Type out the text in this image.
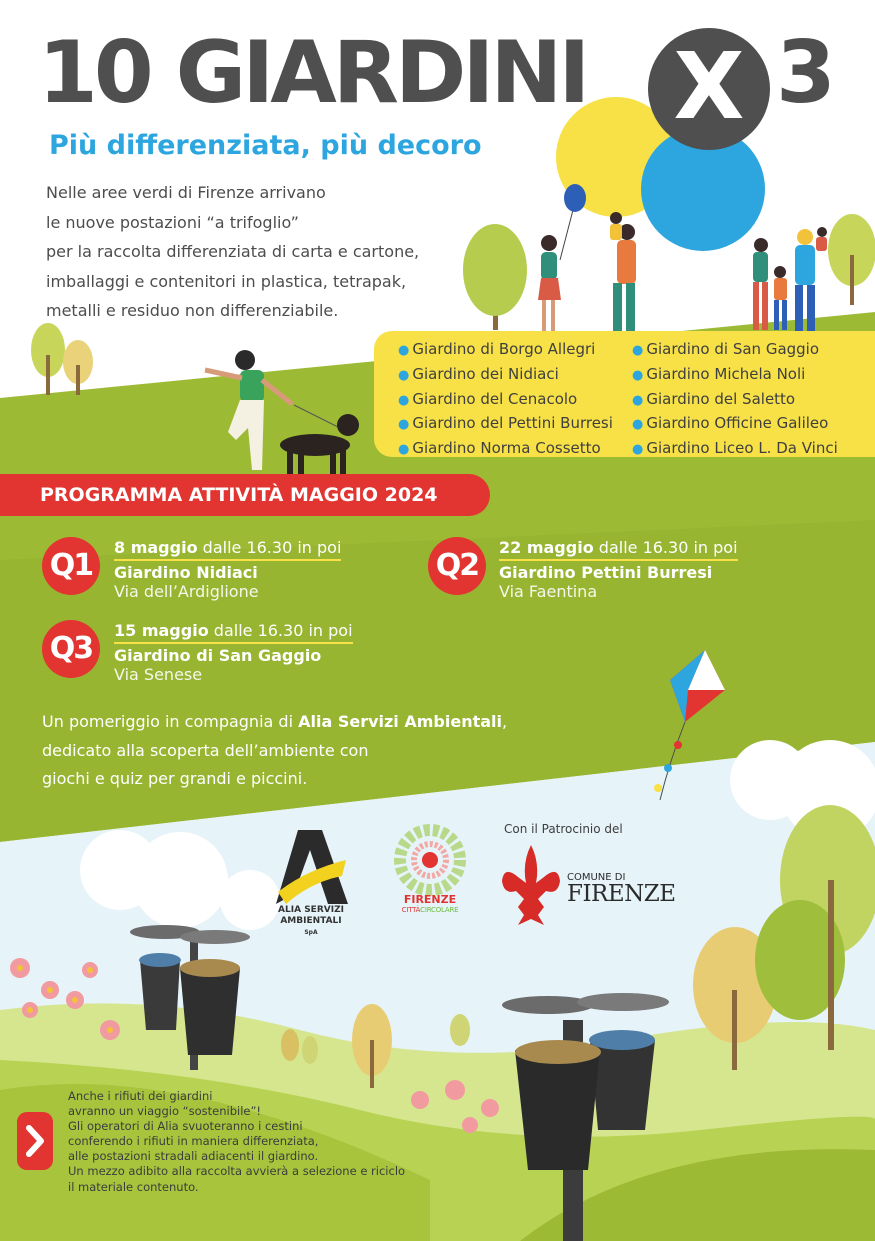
10 GIARDINI X 3
Più differenziata, più decoro
Nelle aree verdi di Firenze arrivano
le nuove postazioni “a trifoglio”
per la raccolta differenziata di carta e cartone,
imballaggi e contenitori in plastica, tetrapak,
metalli e residuo non differenziabile.
● Giardino di Borgo Allegri
● Giardino dei Nidiaci
● Giardino del Cenacolo
● Giardino del Pettini Burresi
● Giardino Norma Cossetto
● Giardino di San Gaggio
● Giardino Michela Noli
● Giardino del Saletto
● Giardino Officine Galileo
● Giardino Liceo L. Da Vinci
PROGRAMMA ATTIVITÀ MAGGIO 2024
Q1
8 maggio dalle 16.30 in poi
Giardino Nidiaci
Via dell’Ardiglione
Q2
22 maggio dalle 16.30 in poi
Giardino Pettini Burresi
Via Faentina
Q3
15 maggio dalle 16.30 in poi
Giardino di San Gaggio
Via Senese
Un pomeriggio in compagnia di Alia Servizi Ambientali,
dedicato alla scoperta dell’ambiente con
giochi e quiz per grandi e piccini.
Con il Patrocinio del
ALIA SERVIZI
AMBIENTALI
SpA
FIRENZE
CITTÀCIRCOLARE
COMUNE DI
FIRENZE
Anche i rifiuti dei giardini
avranno un viaggio “sostenibile”!
Gli operatori di Alia svuoteranno i cestini
conferendo i rifiuti in maniera differenziata,
alle postazioni stradali adiacenti il giardino.
Un mezzo adibito alla raccolta avvierà a selezione e riciclo
il materiale contenuto.
